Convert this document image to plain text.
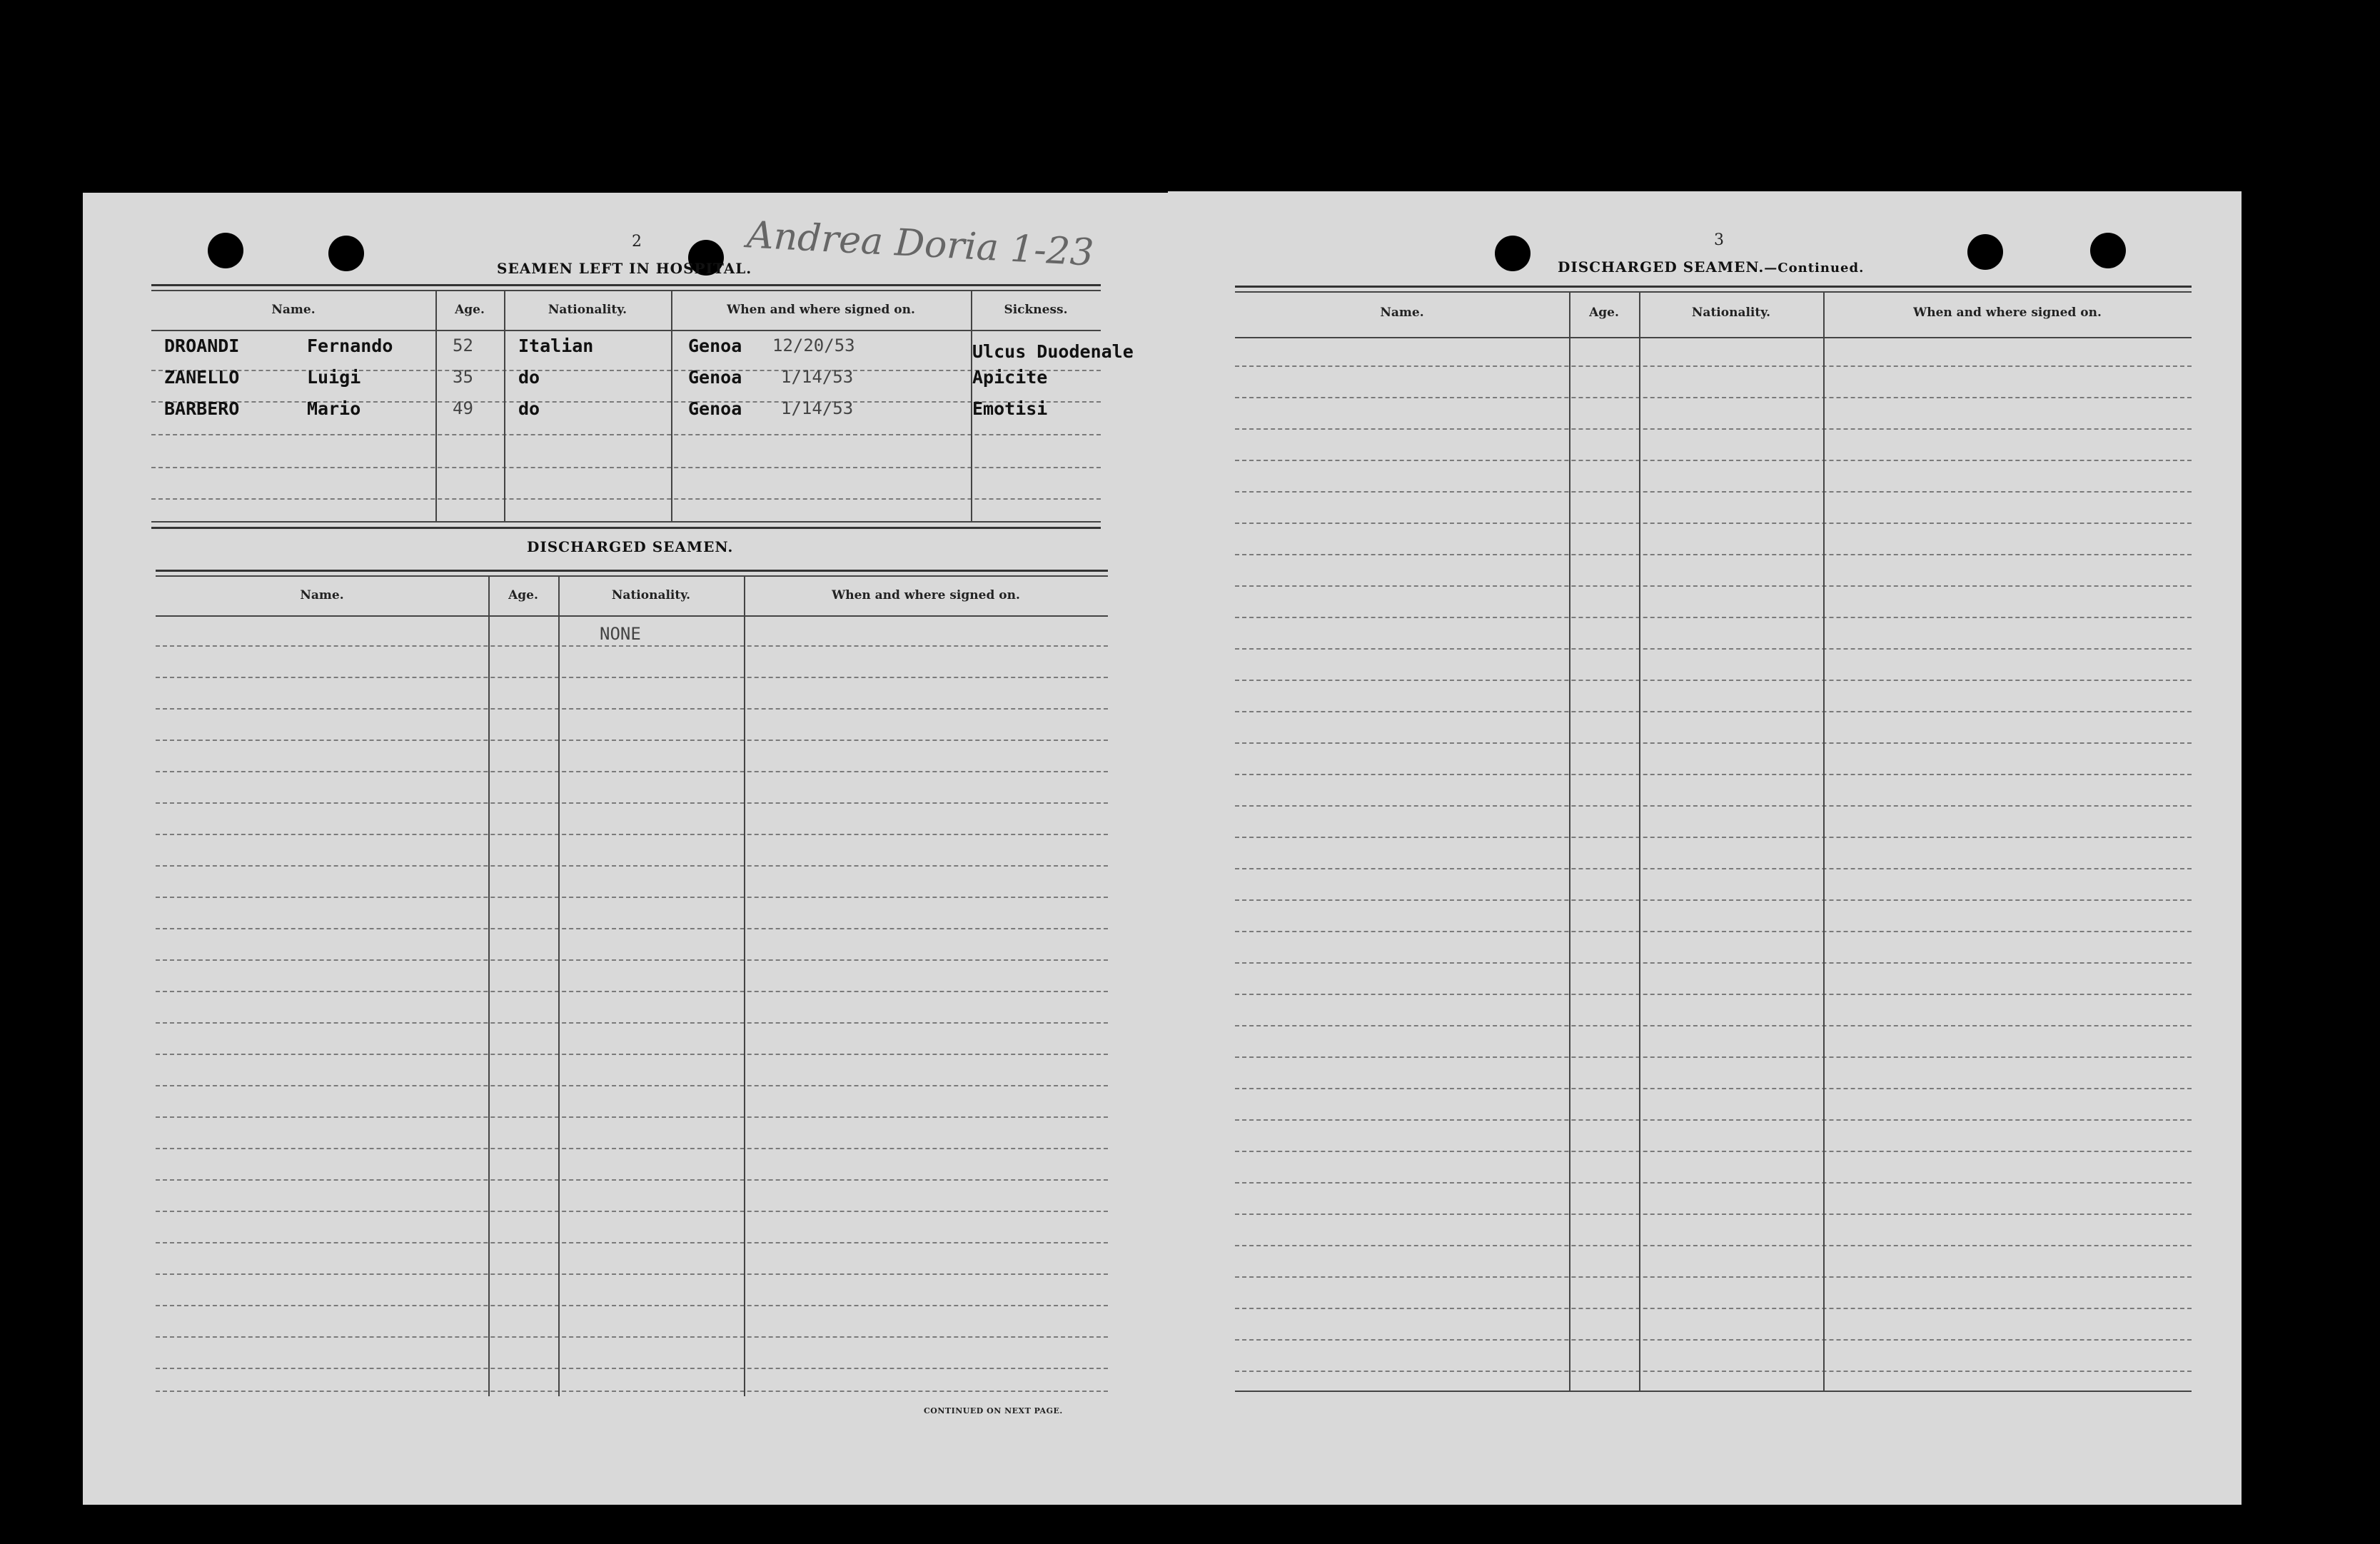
2
SEAMEN LEFT IN HOSPITAL.
Andrea Doria 1-23
Name.	Age.	Nationality.	When and where signed on.	Sickness.
DROANDI	Fernando	52	Italian	Genoa 12/20/53	Ulcus Duodenale
ZANELLO	Luigi	35	do	Genoa 1/14/53	Apicite
BARBERO	Mario	49	do	Genoa 1/14/53	Emotisi
DISCHARGED SEAMEN.
Name.	Age.	Nationality.	When and where signed on.
NONE
CONTINUED ON NEXT PAGE.
3
DISCHARGED SEAMEN.—Continued.
Name.	Age.	Nationality.	When and where signed on.
